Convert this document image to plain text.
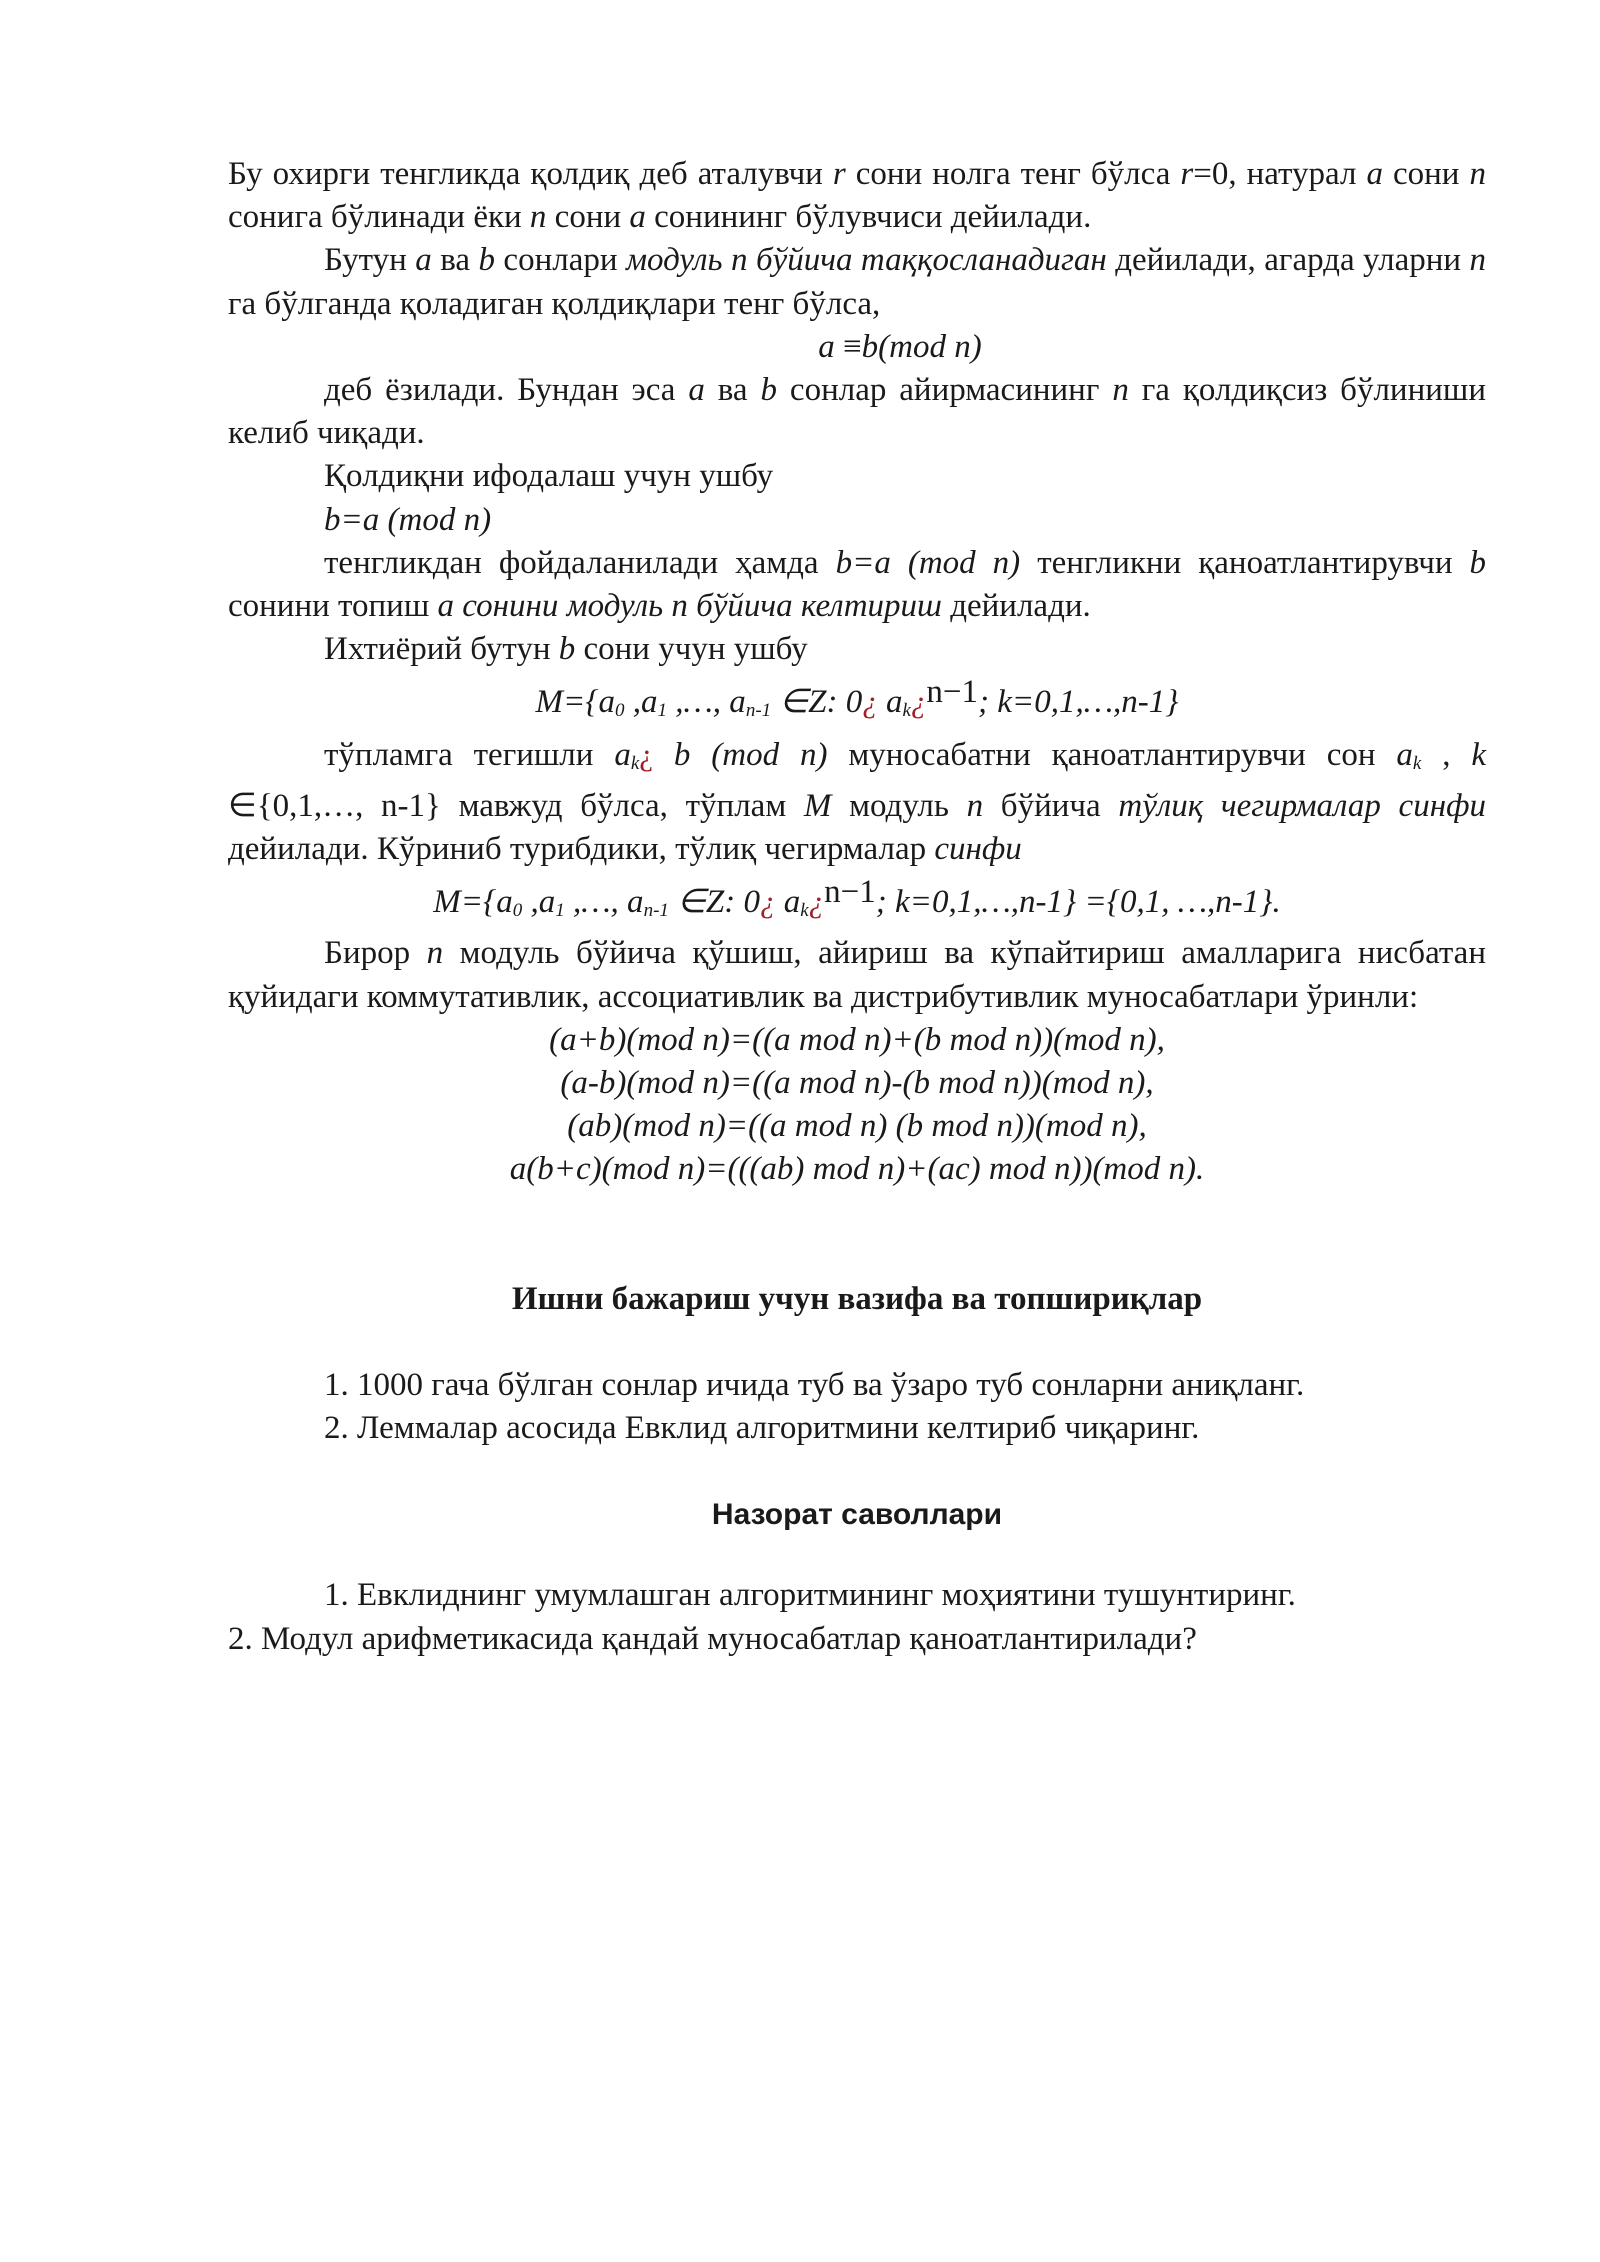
Бу охирги тенгликда қолдиқ деб аталувчи r сони нолга тенг бўлса r=0, натурал a сони n сонига бўлинади ёки n сони a сонининг бўлувчиси дейилади.

Бутун a ва b сонлари модуль n бўйича таққосланадиган дейилади, агарда уларни n га бўлганда қоладиган қолдиқлари тенг бўлса,

a ≡b(mod n)

деб ёзилади. Бундан эса a ва b сонлар айирмасининг n га қолдиқсиз бўлиниши келиб чиқади.

Қолдиқни ифодалаш учун ушбу

b=a (mod n)

тенгликдан фойдаланилади ҳамда b=a (mod n) тенгликни қаноатлантирувчи b сонини топиш a сонини модуль n бўйича келтириш дейилади.

Ихтиёрий бутун b сони учун ушбу

$M=\{a_0$ $,a_1$ ,…, $a_{n-1}$ ∈Z: 0¿ $a_k¿n-1$; k=0,1,…,n-1}

тўпламга тегишли $a_k¿$ b (mod n) муносабатни қаноатлантирувчи сон $a_k$ , k ∈{0,1,…, n-1} мавжуд бўлса, тўплам M модуль n бўйича тўлиқ чегирмалар синфи дейилади. Кўриниб турибдики, тўлиқ чегирмалар синфи

$M=\{a_0$ $,a_1$ ,…, $a_{n-1}$ ∈Z: 0¿ $a_k¿n-1$; k=0,1,…,n-1} ={0,1, …,n-1}.

Бирор n модуль бўйича қўшиш, айириш ва кўпайтириш амалларига нисбатан қуйидаги коммутативлик, ассоциативлик ва дистрибутивлик муносабатлари ўринли:

(a+b)(mod n)=((a mod n)+(b mod n))(mod n),

(a-b)(mod n)=((a mod n)-(b mod n))(mod n),

(ab)(mod n)=((a mod n) (b mod n))(mod n),

a(b+c)(mod n)=(((ab) mod n)+(ac) mod n))(mod n).

Ишни бажариш учун вазифа ва топшириқлар

1. 1000 гача бўлган сонлар ичида туб ва ўзаро туб сонларни аниқланг.

2. Леммалар асосида Евклид алгоритмини келтириб чиқаринг.

Назорат саволлари

1. Евклиднинг умумлашган алгоритмининг моҳиятини тушунтиринг.

2. Модул арифметикасида қандай муносабатлар қаноатлантирилади?
